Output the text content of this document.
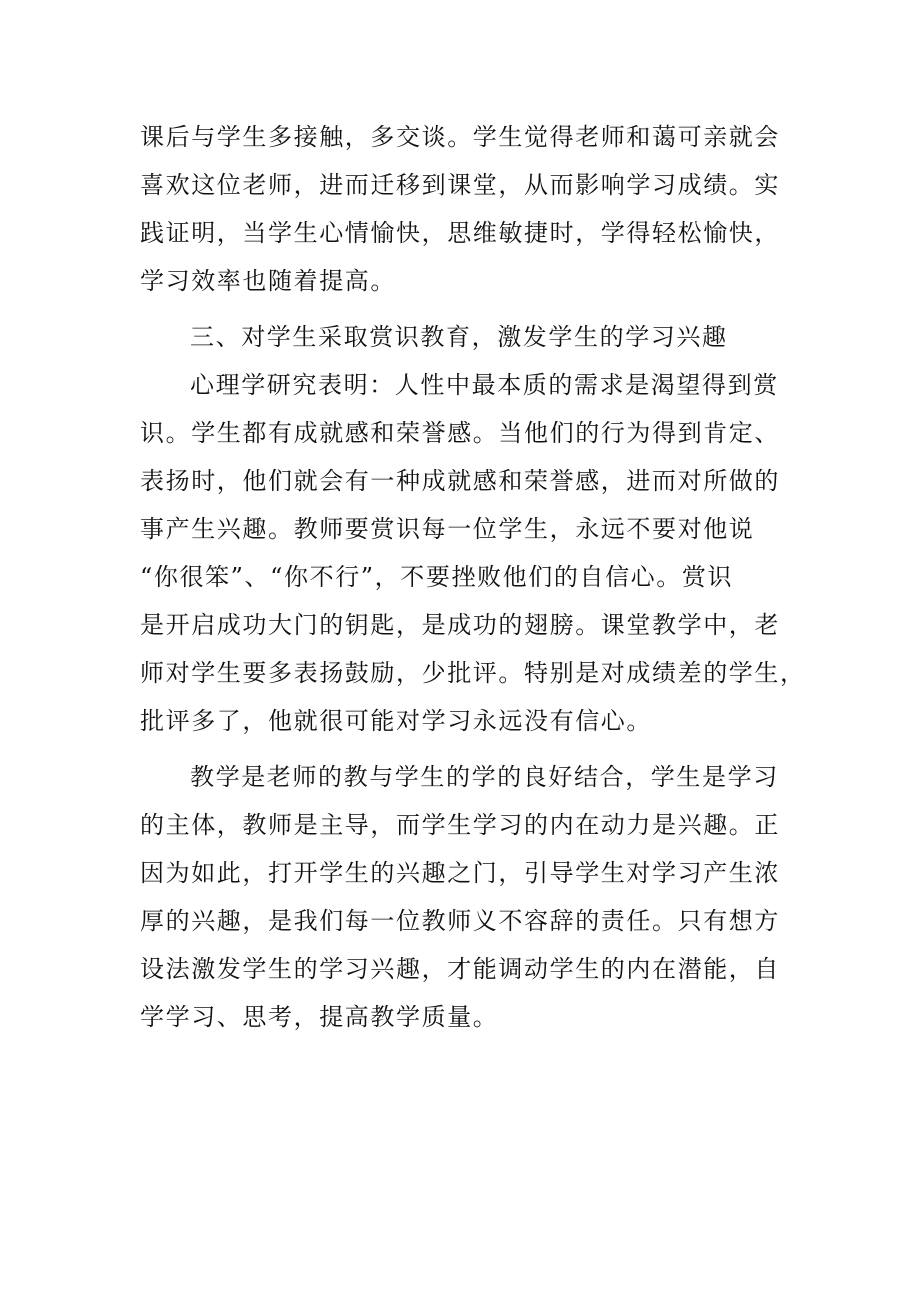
课后与学生多接触，多交谈。学生觉得老师和蔼可亲就会
喜欢这位老师，进而迁移到课堂，从而影响学习成绩。实
践证明，当学生心情愉快，思维敏捷时，学得轻松愉快，
学习效率也随着提高。
三、对学生采取赏识教育，激发学生的学习兴趣
心理学研究表明：人性中最本质的需求是渴望得到赏
识。学生都有成就感和荣誉感。当他们的行为得到肯定、
表扬时，他们就会有一种成就感和荣誉感，进而对所做的
事产生兴趣。教师要赏识每一位学生，永远不要对他说
“你很笨”、“你不行”，不要挫败他们的自信心。赏识
是开启成功大门的钥匙，是成功的翅膀。课堂教学中，老
师对学生要多表扬鼓励，少批评。特别是对成绩差的学生，
批评多了，他就很可能对学习永远没有信心。
教学是老师的教与学生的学的良好结合，学生是学习
的主体，教师是主导，而学生学习的内在动力是兴趣。正
因为如此，打开学生的兴趣之门，引导学生对学习产生浓
厚的兴趣，是我们每一位教师义不容辞的责任。只有想方
设法激发学生的学习兴趣，才能调动学生的内在潜能，自
学学习、思考，提高教学质量。
